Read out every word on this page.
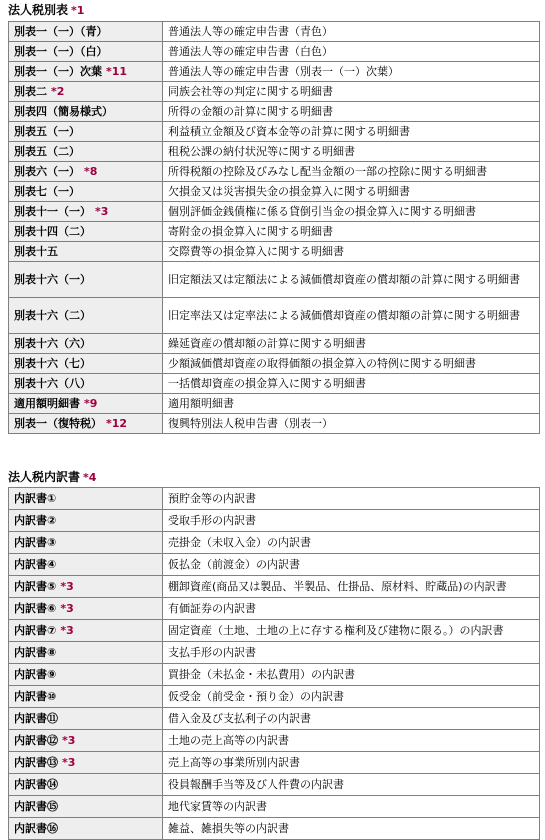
法人税別表 *1
別表一（一）（青）	普通法人等の確定申告書（青色）
別表一（一）（白）	普通法人等の確定申告書（白色）
別表一（一）次葉 *11	普通法人等の確定申告書（別表一（一）次葉）
別表二 *2	同族会社等の判定に関する明細書
別表四（簡易様式）	所得の金額の計算に関する明細書
別表五（一）	利益積立金額及び資本金等の計算に関する明細書
別表五（二）	租税公課の納付状況等に関する明細書
別表六（一） *8	所得税額の控除及びみなし配当金額の一部の控除に関する明細書
別表七（一）	欠損金又は災害損失金の損金算入に関する明細書
別表十一（一） *3	個別評価金銭債権に係る貸倒引当金の損金算入に関する明細書
別表十四（二）	寄附金の損金算入に関する明細書
別表十五	交際費等の損金算入に関する明細書
別表十六（一）	旧定額法又は定額法による減価償却資産の償却額の計算に関する明細書
別表十六（二）	旧定率法又は定率法による減価償却資産の償却額の計算に関する明細書
別表十六（六）	繰延資産の償却額の計算に関する明細書
別表十六（七）	少額減価償却資産の取得価額の損金算入の特例に関する明細書
別表十六（八）	一括償却資産の損金算入に関する明細書
適用額明細書 *9	適用額明細書
別表一（復特税） *12	復興特別法人税申告書（別表一）
法人税内訳書 *4
内訳書①	預貯金等の内訳書
内訳書②	受取手形の内訳書
内訳書③	売掛金（未収入金）の内訳書
内訳書④	仮払金（前渡金）の内訳書
内訳書⑤ *3	棚卸資産(商品又は製品、半製品、仕掛品、原材料、貯蔵品)の内訳書
内訳書⑥ *3	有価証券の内訳書
内訳書⑦ *3	固定資産（土地、土地の上に存する権利及び建物に限る。）の内訳書
内訳書⑧	支払手形の内訳書
内訳書⑨	買掛金（未払金・未払費用）の内訳書
内訳書⑩	仮受金（前受金・預り金）の内訳書
内訳書⑪	借入金及び支払利子の内訳書
内訳書⑫ *3	土地の売上高等の内訳書
内訳書⑬ *3	売上高等の事業所別内訳書
内訳書⑭	役員報酬手当等及び人件費の内訳書
内訳書⑮	地代家賃等の内訳書
内訳書⑯	雑益、雑損失等の内訳書
